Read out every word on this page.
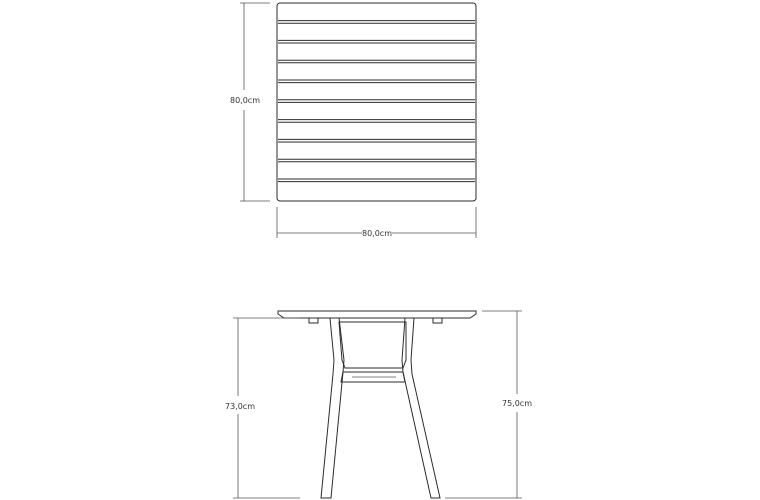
80,0cm
80,0cm
73,0cm	75,0cm
